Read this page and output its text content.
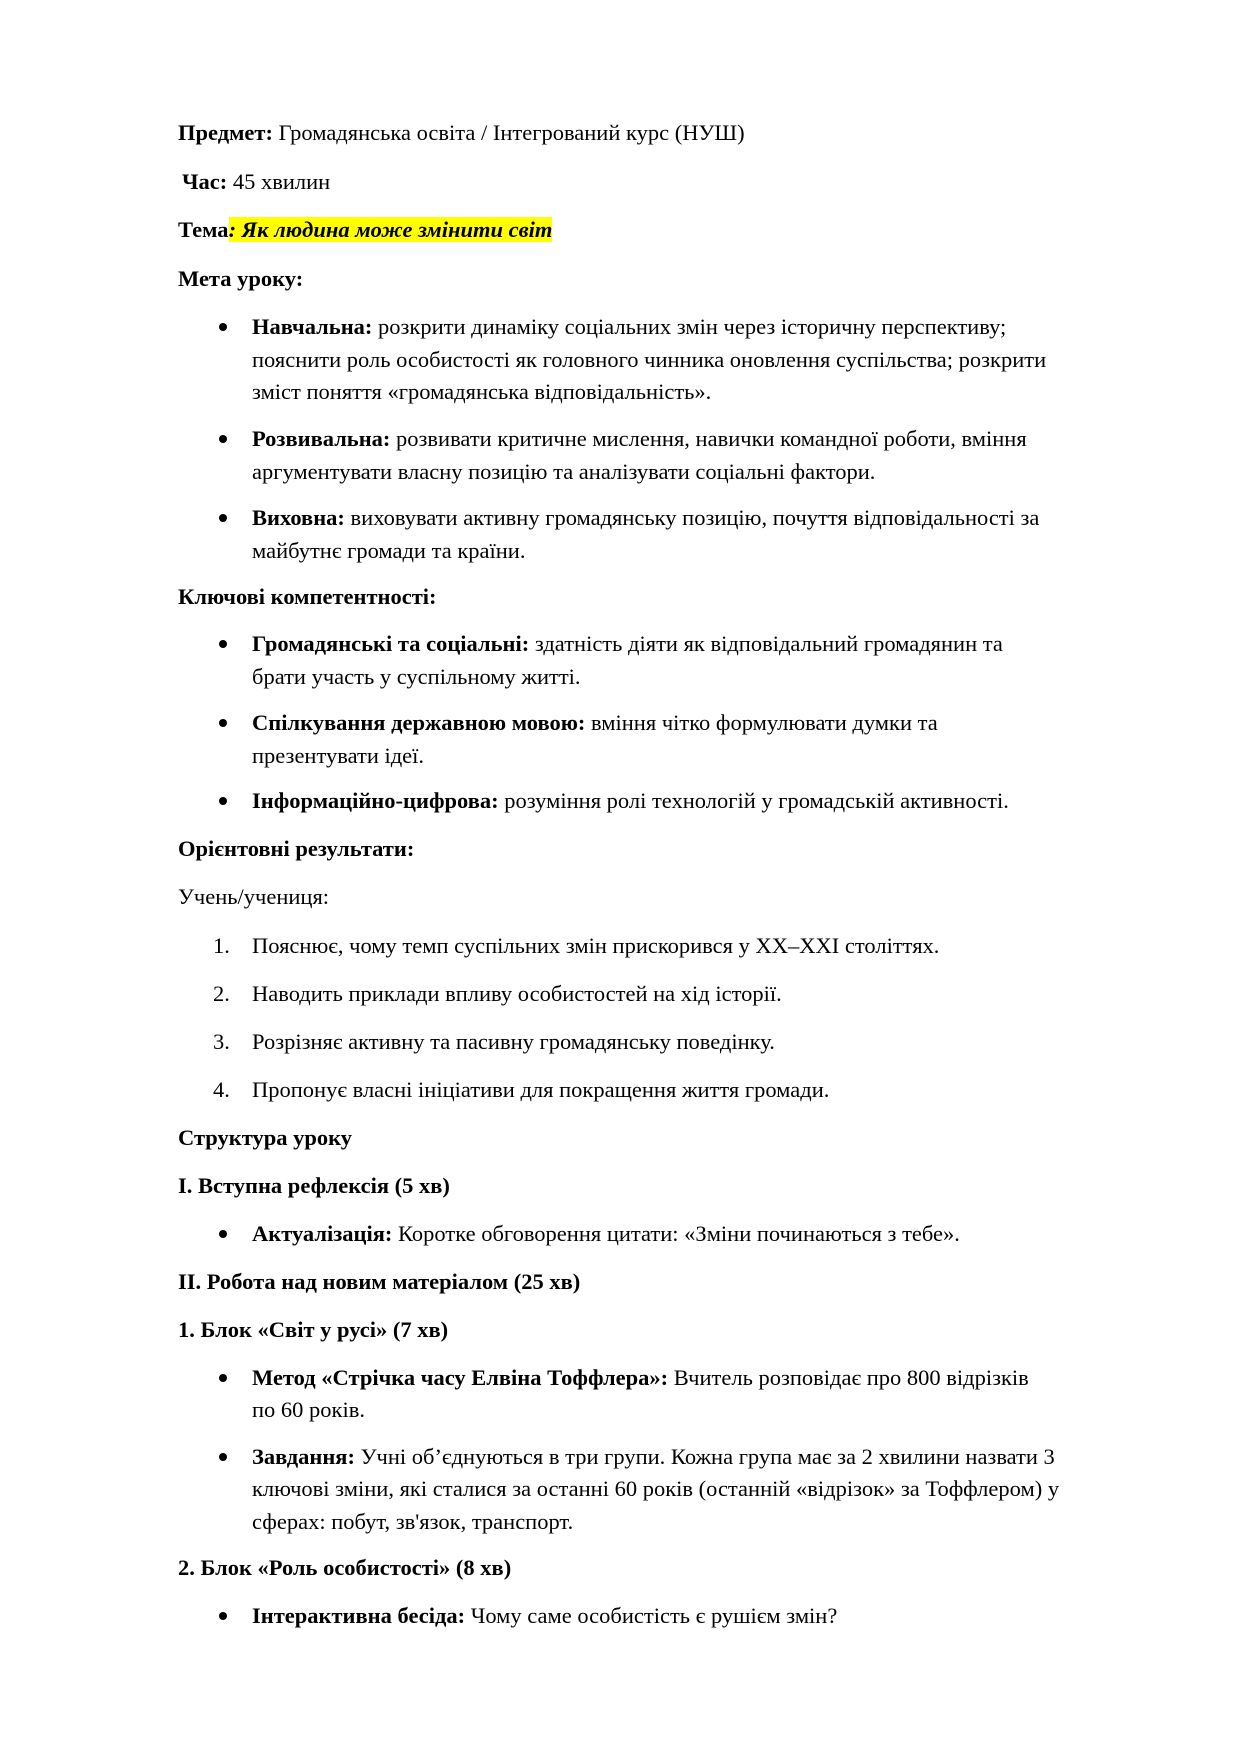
Предмет: Громадянська освіта / Інтегрований курс (НУШ)
Час: 45 хвилин
Тема: Як людина може змінити світ
Мета уроку:
Навчальна: розкрити динаміку соціальних змін через історичну перспективу;
пояснити роль особистості як головного чинника оновлення суспільства; розкрити
зміст поняття «громадянська відповідальність».
Розвивальна: розвивати критичне мислення, навички командної роботи, вміння
аргументувати власну позицію та аналізувати соціальні фактори.
Виховна: виховувати активну громадянську позицію, почуття відповідальності за
майбутнє громади та країни.
Ключові компетентності:
Громадянські та соціальні: здатність діяти як відповідальний громадянин та
брати участь у суспільному житті.
Спілкування державною мовою: вміння чітко формулювати думки та
презентувати ідеї.
Інформаційно-цифрова: розуміння ролі технологій у громадській активності.
Орієнтовні результати:
Учень/учениця:
1. Пояснює, чому темп суспільних змін прискорився у XX–XXI століттях.
2. Наводить приклади впливу особистостей на хід історії.
3. Розрізняє активну та пасивну громадянську поведінку.
4. Пропонує власні ініціативи для покращення життя громади.
Структура уроку
I. Вступна рефлексія (5 хв)
Актуалізація: Коротке обговорення цитати: «Зміни починаються з тебе».
II. Робота над новим матеріалом (25 хв)
1. Блок «Світ у русі» (7 хв)
Метод «Стрічка часу Елвіна Тоффлера»: Вчитель розповідає про 800 відрізків
по 60 років.
Завдання: Учні об’єднуються в три групи. Кожна група має за 2 хвилини назвати 3
ключові зміни, які сталися за останні 60 років (останній «відрізок» за Тоффлером) у
сферах: побут, зв'язок, транспорт.
2. Блок «Роль особистості» (8 хв)
Інтерактивна бесіда: Чому саме особистість є рушієм змін?
